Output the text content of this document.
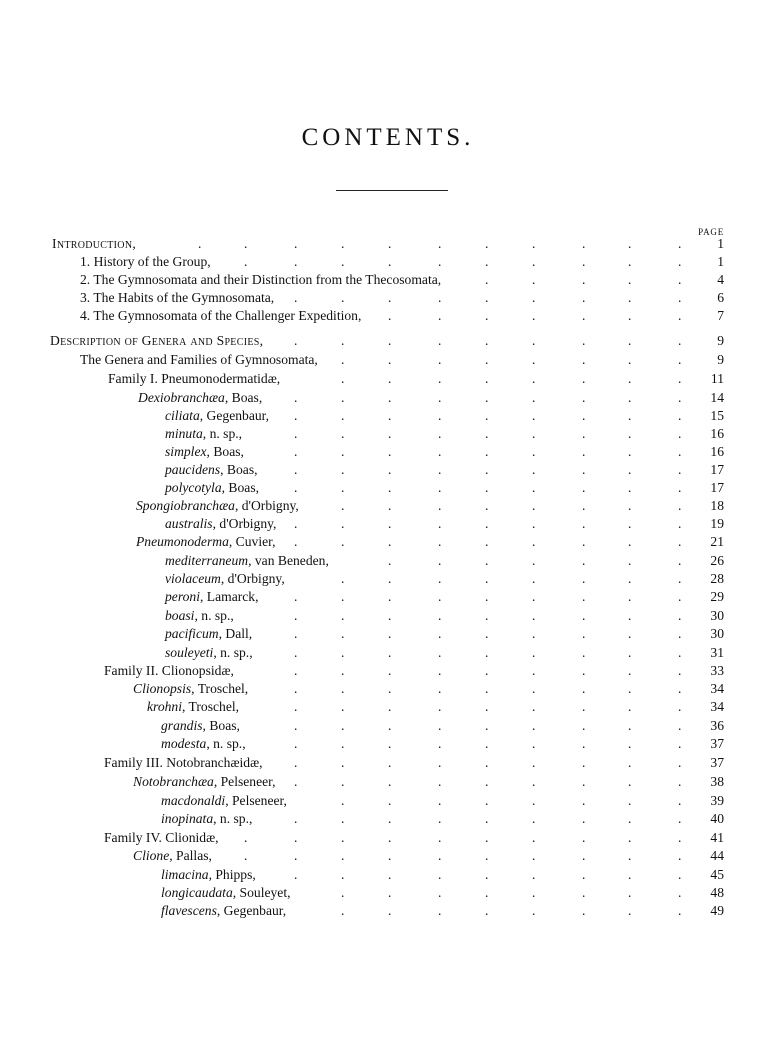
CONTENTS.
PAGE
Introduction,	.	.	.	.	.	.	.	.	.	.	.	1
1. History of the Group, .	.	.	.	.	.	.	.	.	.	1
2. The Gymnosomata and their Distinction from the Thecosomata,	.	.	.	.	.	4
3. The Habits of the Gymnosomata, .	.	.	.	.	.	.	.	.	6
4. The Gymnosomata of the Challenger Expedition, .	.	.	.	.	.	.	7
Description of Genera and Species, .	.	.	.	.	.	.	.	.	9
The Genera and Families of Gymnosomata, .	.	.	.	.	.	.	.	9
Family I. Pneumonodermatidæ,	.	.	.	.	.	.	.	.	11
Dexiobranchæa, Boas, .	.	.	.	.	.	.	.	.	14
ciliata, Gegenbaur, .	.	.	.	.	.	.	.	.	15
minuta, n. sp.,	.	.	.	.	.	.	.	.	.	16
simplex, Boas,	.	.	.	.	.	.	.	.	.	16
paucidens, Boas,	.	.	.	.	.	.	.	.	.	17
polycotyla, Boas,	.	.	.	.	.	.	.	.	.	17
Spongiobranchæa, d'Orbigny,	.	.	.	.	.	.	.	.	18
australis, d'Orbigny, .	.	.	.	.	.	.	.	.	19
Pneumonoderma, Cuvier, .	.	.	.	.	.	.	.	.	21
mediterraneum, van Beneden,	.	.	.	.	.	.	.	26
violaceum, d'Orbigny,	.	.	.	.	.	.	.	.	28
peroni, Lamarck,	.	.	.	.	.	.	.	.	.	29
boasi, n. sp.,	.	.	.	.	.	.	.	.	.	30
pacificum, Dall,	.	.	.	.	.	.	.	.	.	30
souleyeti, n. sp.,	.	.	.	.	.	.	.	.	.	31
Family II. Clionopsidæ,	.	.	.	.	.	.	.	.	.	33
Clionopsis, Troschel,	.	.	.	.	.	.	.	.	.	34
krohni, Troschel,	.	.	.	.	.	.	.	.	.	34
grandis, Boas,	.	.	.	.	.	.	.	.	.	36
modesta, n. sp.,	.	.	.	.	.	.	.	.	.	37
Family III. Notobranchæidæ, .	.	.	.	.	.	.	.	.	37
Notobranchæa, Pelseneer, .	.	.	.	.	.	.	.	.	38
macdonaldi, Pelseneer,	.	.	.	.	.	.	.	.	39
inopinata, n. sp.,	.	.	.	.	.	.	.	.	.	40
Family IV. Clionidæ, .	.	.	.	.	.	.	.	.	.	41
Clione, Pallas, .	.	.	.	.	.	.	.	.	.	44
limacina, Phipps,	.	.	.	.	.	.	.	.	.	45
longicaudata, Souleyet,	.	.	.	.	.	.	.	.	48
flavescens, Gegenbaur,	.	.	.	.	.	.	.	.	49
